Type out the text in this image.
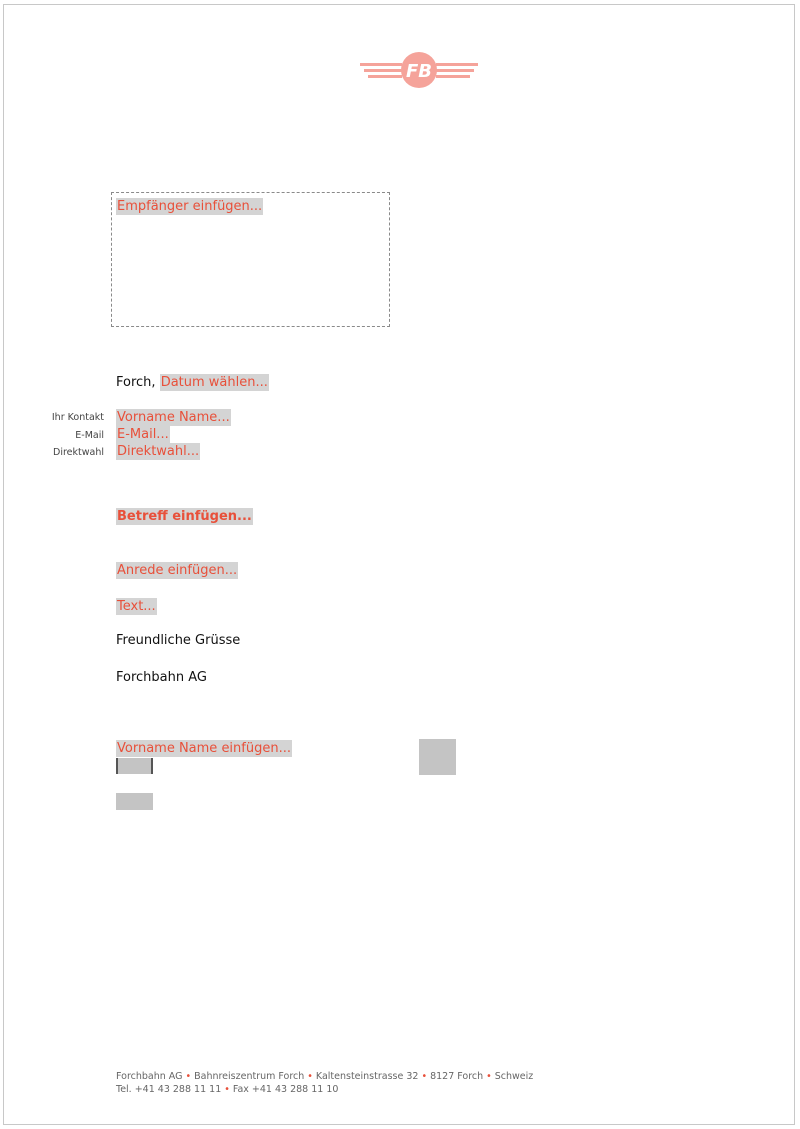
FB
Empfänger einfügen...
Forch, Datum wählen...
Ihr Kontakt
E-Mail
Direktwahl
Vorname Name...
E-Mail...
Direktwahl...
Betreff einfügen...
Anrede einfügen...
Text...
Freundliche Grüsse
Forchbahn AG
Vorname Name einfügen...
Forchbahn AG • Bahnreiszentrum Forch • Kaltensteinstrasse 32 • 8127 Forch • Schweiz
Tel. +41 43 288 11 11 • Fax +41 43 288 11 10
